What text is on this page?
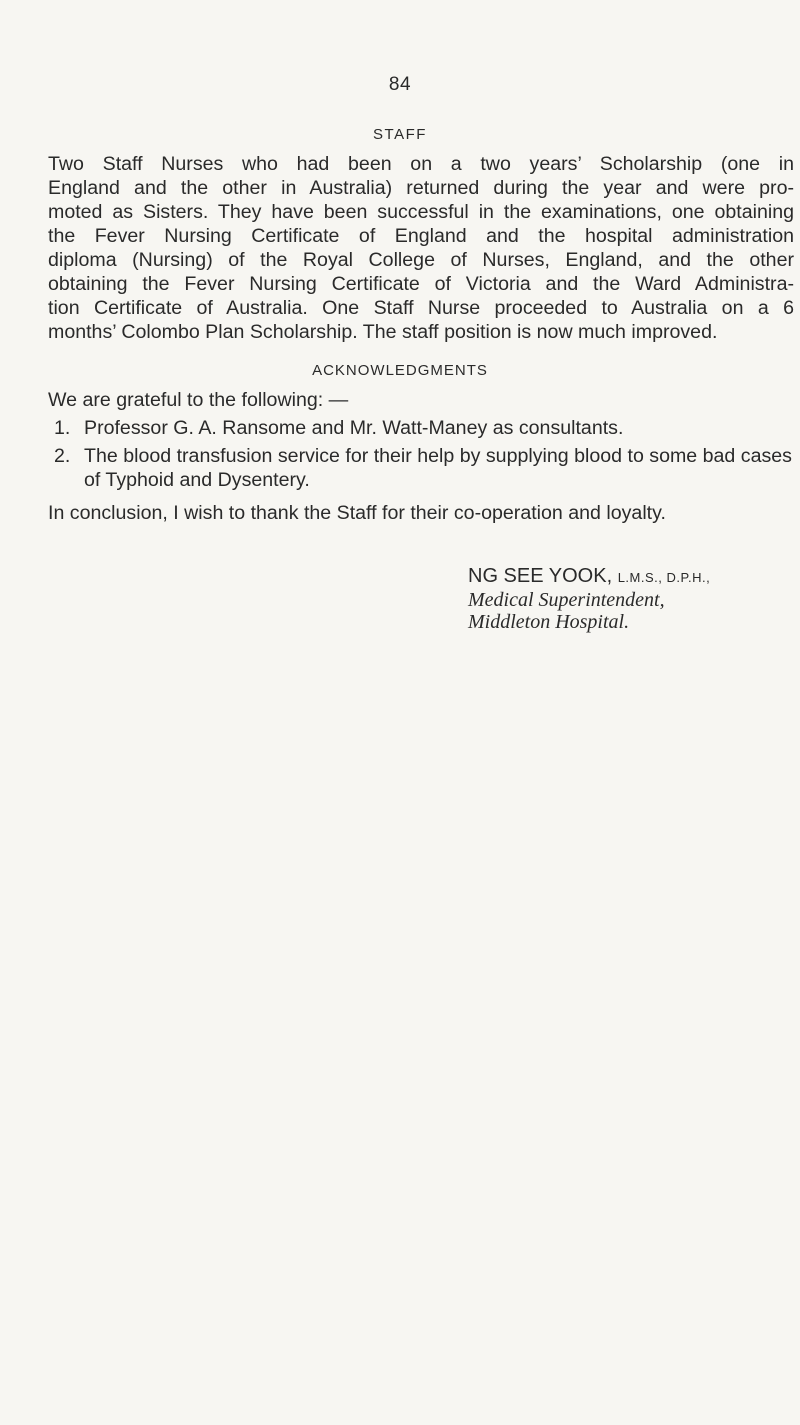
84
STAFF
Two Staff Nurses who had been on a two years’ Scholarship (one in
England and the other in Australia) returned during the year and were pro-
moted as Sisters. They have been successful in the examinations, one obtaining
the Fever Nursing Certificate of England and the hospital administration
diploma (Nursing) of the Royal College of Nurses, England, and the other
obtaining the Fever Nursing Certificate of Victoria and the Ward Administra-
tion Certificate of Australia. One Staff Nurse proceeded to Australia on a 6
months’ Colombo Plan Scholarship. The staff position is now much improved.
ACKNOWLEDGMENTS
We are grateful to the following: —
1. Professor G. A. Ransome and Mr. Watt-Maney as consultants.
2. The blood transfusion service for their help by supplying blood to some bad cases of Typhoid and Dysentery.
In conclusion, I wish to thank the Staff for their co-operation and loyalty.
NG SEE YOOK, L.M.S., D.P.H.,
Medical Superintendent,
Middleton Hospital.
